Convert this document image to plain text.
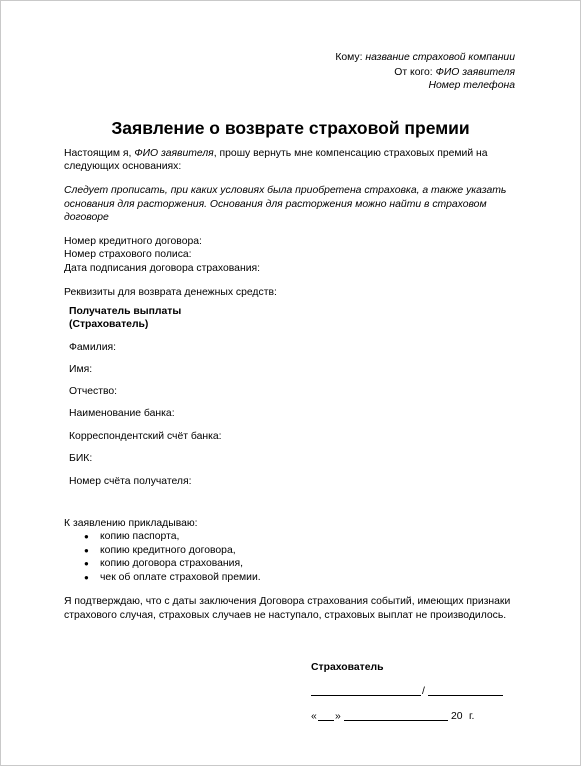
Кому: название страховой компании
От кого: ФИО заявителя
Номер телефона
Заявление о возврате страховой премии
Настоящим я, ФИО заявителя, прошу вернуть мне компенсацию страховых премий на
следующих основаниях:
Следует прописать, при каких условиях была приобретена страховка, а также указать
основания для расторжения. Основания для расторжения можно найти в страховом
договоре
Номер кредитного договора:
Номер страхового полиса:
Дата подписания договора страхования:
Реквизиты для возврата денежных средств:
Получатель выплаты
(Страхователь)
Фамилия:
Имя:
Отчество:
Наименование банка:
Корреспондентский счёт банка:
БИК:
Номер счёта получателя:
К заявлению прикладываю:
● копию паспорта,
● копию кредитного договора,
● копию договора страхования,
● чек об оплате страховой премии.
Я подтверждаю, что с даты заключения Договора страхования событий, имеющих признаки
страхового случая, страховых случаев не наступало, страховых выплат не производилось.
Страхователь
/
« »	20 г.
